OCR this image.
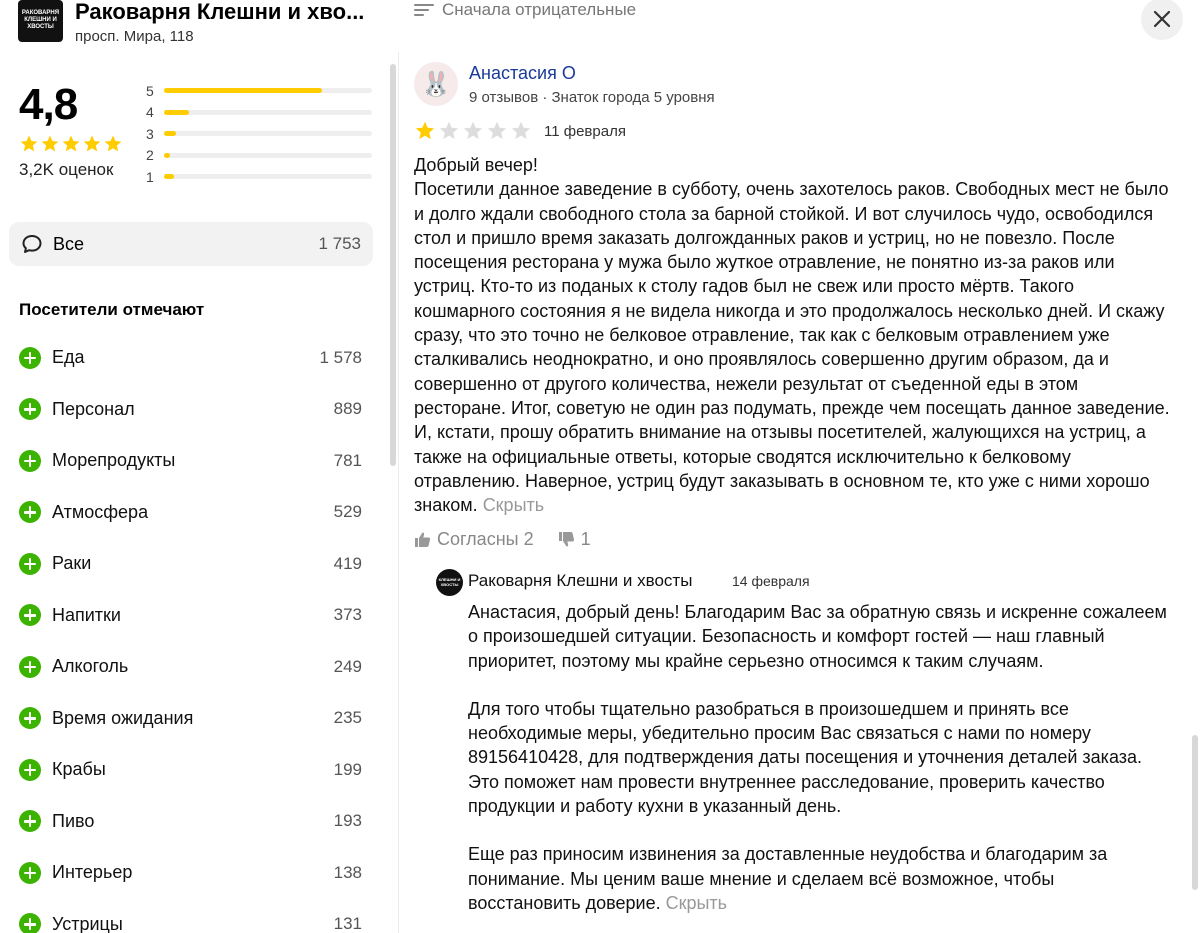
РАКОВАРНЯ КЛЕШНИ И ХВОСТЫ
Раковарня Клешни и хво...
просп. Мира, 118
Сначала отрицательные
4,8
3,2K оценок
5
4
3
2
1
Все	1 753
Посетители отмечают
Еда	1 578
Персонал	889
Морепродукты	781
Атмосфера	529
Раки	419
Напитки	373
Алкоголь	249
Время ожидания	235
Крабы	199
Пиво	193
Интерьер	138
Устрицы	131
🐰	Анастасия О
9 отзывов · Знаток города 5 уровня
11 февраля
Добрый вечер!
Посетили данное заведение в субботу, очень захотелось раков. Свободных мест не было и долго ждали свободного стола за барной стойкой. И вот случилось чудо, освободился стол и пришло время заказать долгожданных раков и устриц, но не повезло. После посещения ресторана у мужа было жуткое отравление, не понятно из-за раков или устриц. Кто-то из поданых к столу гадов был не свеж или просто мёртв. Такого кошмарного состояния я не видела никогда и это продолжалось несколько дней. И скажу сразу, что это точно не белковое отравление, так как с белковым отравлением уже сталкивались неоднократно, и оно проявлялось совершенно другим образом, да и совершенно от другого количества, нежели результат от съеденной еды в этом ресторане. Итог, советую не один раз подумать, прежде чем посещать данное заведение. И, кстати, прошу обратить внимание на отзывы посетителей, жалующихся на устриц, а также на официальные ответы, которые сводятся исключительно к белковому отравлению. Наверное, устриц будут заказывать в основном те, кто уже с ними хорошо знаком. Скрыть
Согласны 2	1
КЛЕШНИ И ХВОСТЫ Раковарня Клешни и хвосты	14 февраля

Анастасия, добрый день! Благодарим Вас за обратную связь и искренне сожалеем о произошедшей ситуации. Безопасность и комфорт гостей — наш главный приоритет, поэтому мы крайне серьезно относимся к таким случаям.

Для того чтобы тщательно разобраться в произошедшем и принять все необходимые меры, убедительно просим Вас связаться с нами по номеру 89156410428, для подтверждения даты посещения и уточнения деталей заказа. Это поможет нам провести внутреннее расследование, проверить качество продукции и работу кухни в указанный день.

Еще раз приносим извинения за доставленные неудобства и благодарим за понимание. Мы ценим ваше мнение и сделаем всё возможное, чтобы восстановить доверие. Скрыть
